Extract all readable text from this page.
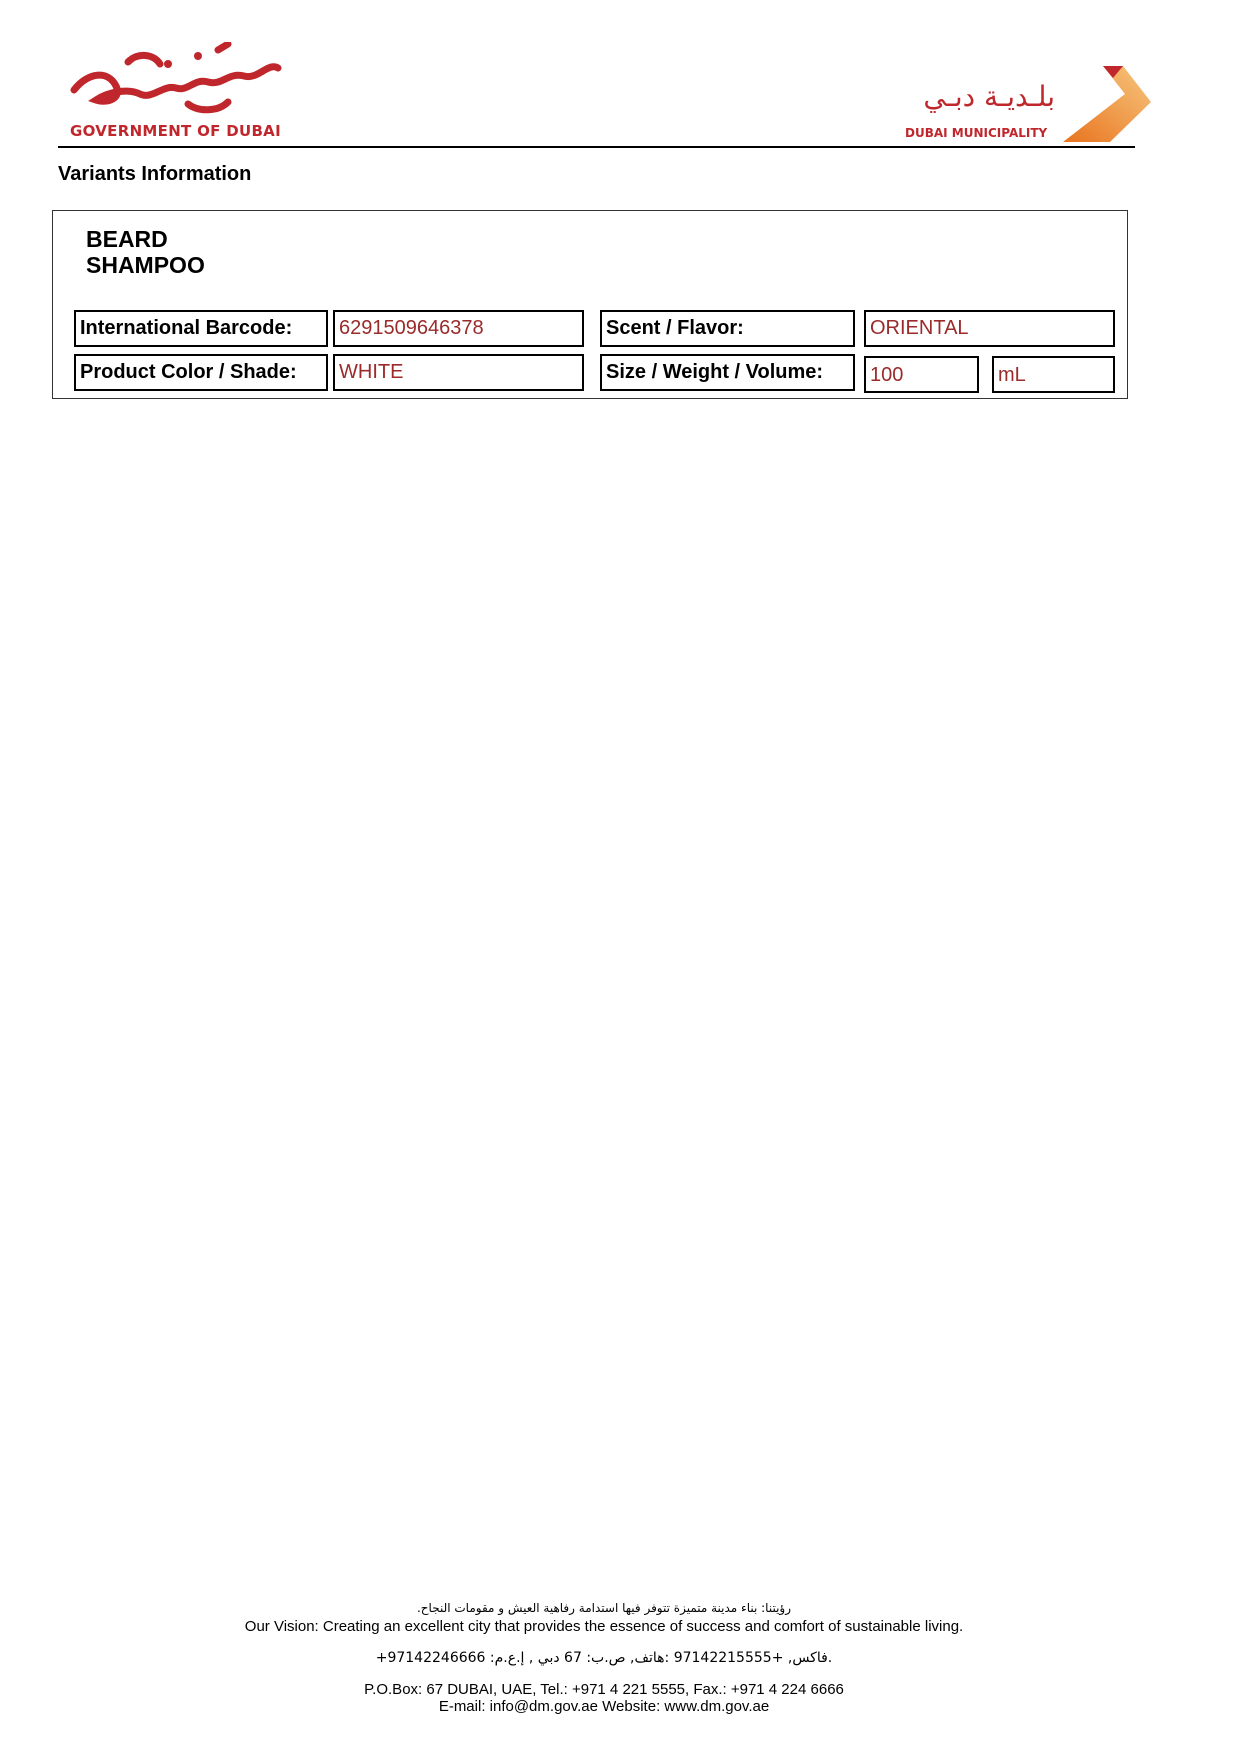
GOVERNMENT OF DUBAI
بلـديـة دبـي
DUBAI MUNICIPALITY
Variants Information
BEARD
SHAMPOO
International Barcode:	6291509646378	Scent / Flavor:	ORIENTAL
Product Color / Shade:	WHITE	Size / Weight / Volume:	100	mL
رؤيتنا: بناء مدينة متميزة تتوفر فيها استدامة رفاهية العيش و مقومات النجاح.
Our Vision: Creating an excellent city that provides the essence of success and comfort of sustainable living.
+97142246666 :فاكس, +97142215555 :هاتف, ص.ب: 67 دبي , إ.ع.م.
P.O.Box: 67 DUBAI, UAE, Tel.: +971 4 221 5555, Fax.: +971 4 224 6666
E-mail: info@dm.gov.ae Website: www.dm.gov.ae
